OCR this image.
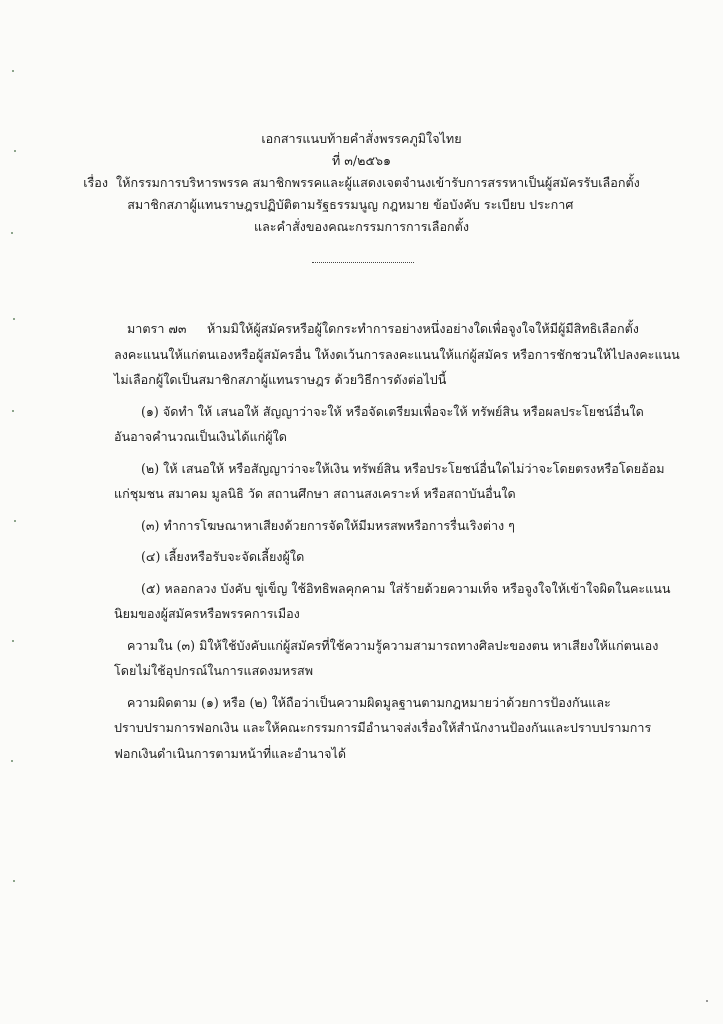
เอกสารแนบท้ายคำสั่งพรรคภูมิใจไทย
ที่ ๓/๒๕๖๑
เรื่อง ให้กรรมการบริหารพรรค สมาชิกพรรคและผู้แสดงเจตจำนงเข้ารับการสรรหาเป็นผู้สมัครรับเลือกตั้ง
สมาชิกสภาผู้แทนราษฎรปฏิบัติตามรัฐธรรมนูญ กฎหมาย ข้อบังคับ ระเบียบ ประกาศ
และคำสั่งของคณะกรรมการการเลือกตั้ง
มาตรา ๗๓ ห้ามมิให้ผู้สมัครหรือผู้ใดกระทำการอย่างหนึ่งอย่างใดเพื่อจูงใจให้มีผู้มีสิทธิเลือกตั้ง
ลงคะแนนให้แก่ตนเองหรือผู้สมัครอื่น ให้งดเว้นการลงคะแนนให้แก่ผู้สมัคร หรือการชักชวนให้ไปลงคะแนน
ไม่เลือกผู้ใดเป็นสมาชิกสภาผู้แทนราษฎร ด้วยวิธีการดังต่อไปนี้
(๑) จัดทำ ให้ เสนอให้ สัญญาว่าจะให้ หรือจัดเตรียมเพื่อจะให้ ทรัพย์สิน หรือผลประโยชน์อื่นใด
อันอาจคำนวณเป็นเงินได้แก่ผู้ใด
(๒) ให้ เสนอให้ หรือสัญญาว่าจะให้เงิน ทรัพย์สิน หรือประโยชน์อื่นใดไม่ว่าจะโดยตรงหรือโดยอ้อม
แก่ชุมชน สมาคม มูลนิธิ วัด สถานศึกษา สถานสงเคราะห์ หรือสถาบันอื่นใด
(๓) ทำการโฆษณาหาเสียงด้วยการจัดให้มีมหรสพหรือการรื่นเริงต่าง ๆ
(๔) เลี้ยงหรือรับจะจัดเลี้ยงผู้ใด
(๕) หลอกลวง บังคับ ขู่เข็ญ ใช้อิทธิพลคุกคาม ใส่ร้ายด้วยความเท็จ หรือจูงใจให้เข้าใจผิดในคะแนน
นิยมของผู้สมัครหรือพรรคการเมือง
ความใน (๓) มิให้ใช้บังคับแก่ผู้สมัครที่ใช้ความรู้ความสามารถทางศิลปะของตน หาเสียงให้แก่ตนเอง
โดยไม่ใช้อุปกรณ์ในการแสดงมหรสพ
ความผิดตาม (๑) หรือ (๒) ให้ถือว่าเป็นความผิดมูลฐานตามกฎหมายว่าด้วยการป้องกันและ
ปราบปรามการฟอกเงิน และให้คณะกรรมการมีอำนาจส่งเรื่องให้สำนักงานป้องกันและปราบปรามการ
ฟอกเงินดำเนินการตามหน้าที่และอำนาจได้
